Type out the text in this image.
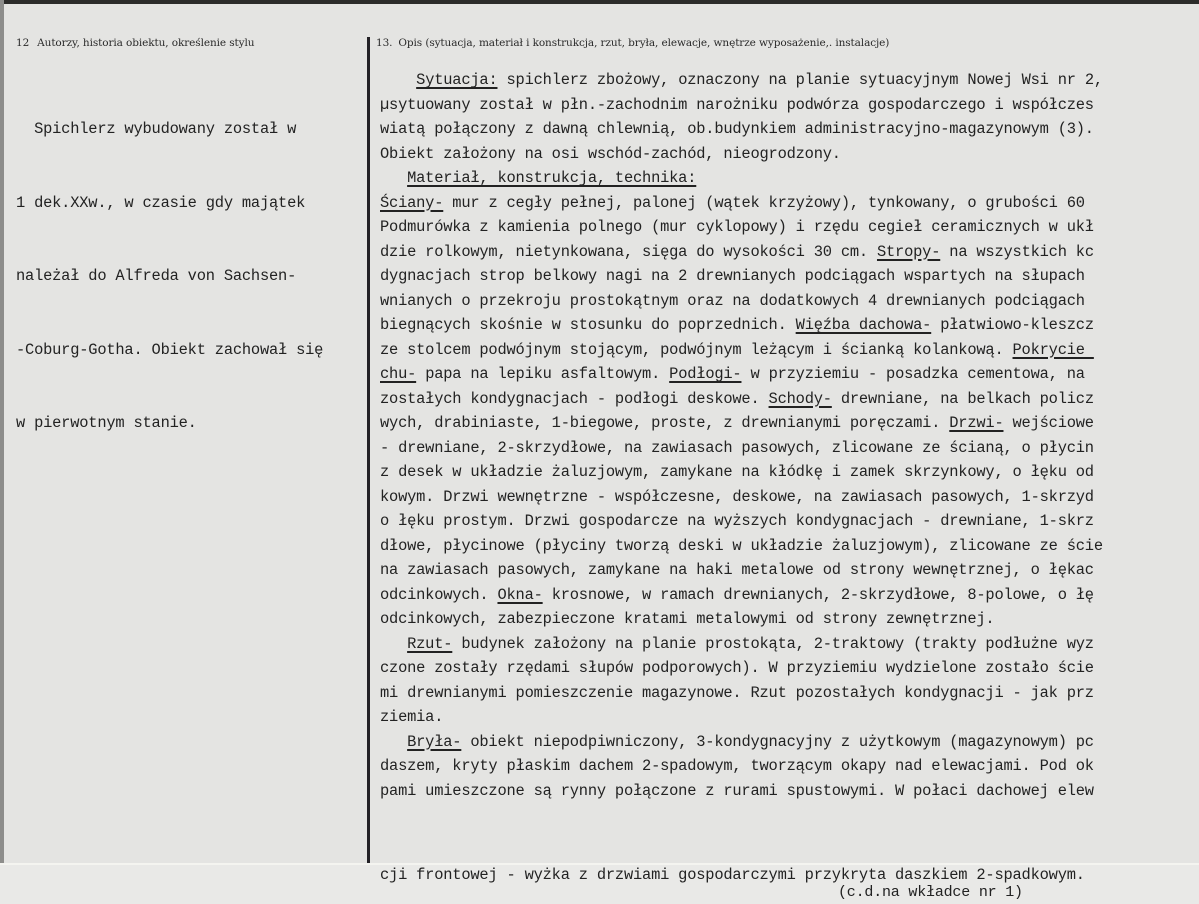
12 Autorzy, historia obiektu, określenie stylu	13. Opis (sytuacja, materiał i konstrukcja, rzut, bryła, elewacje, wnętrze wyposażenie,. instalacje)

Spichlerz wybudowany został w

1 dek.XXw., w czasie gdy majątek

należał do Alfreda von Sachsen-

-Coburg-Gotha. Obiekt zachował się

w pierwotnym stanie.

Sytuacja: spichlerz zbożowy, oznaczony na planie sytuacyjnym Nowej Wsi nr 2,
µsytuowany został w płn.-zachodnim narożniku podwórza gospodarczego i współczes
wiatą połączony z dawną chlewnią, ob.budynkiem administracyjno-magazynowym (3).
Obiekt założony na osi wschód-zachód, nieogrodzony.
Materiał, konstrukcja, technika:
Ściany- mur z cegły pełnej, palonej (wątek krzyżowy), tynkowany, o grubości 60
Podmurówka z kamienia polnego (mur cyklopowy) i rzędu cegieł ceramicznych w ukł
dzie rolkowym, nietynkowana, sięga do wysokości 30 cm. Stropy- na wszystkich kc
dygnacjach strop belkowy nagi na 2 drewnianych podciągach wspartych na słupach
wnianych o przekroju prostokątnym oraz na dodatkowych 4 drewnianych podciągach
biegnących skośnie w stosunku do poprzednich. Więźba dachowa- płatwiowo-kleszcz
ze stolcem podwójnym stojącym, podwójnym leżącym i ścianką kolankową. Pokrycie
chu- papa na lepiku asfaltowym. Podłogi- w przyziemiu - posadzka cementowa, na
zostałych kondygnacjach - podłogi deskowe. Schody- drewniane, na belkach policz
wych, drabiniaste, 1-biegowe, proste, z drewnianymi poręczami. Drzwi- wejściowe
- drewniane, 2-skrzydłowe, na zawiasach pasowych, zlicowane ze ścianą, o płycin
z desek w układzie żaluzjowym, zamykane na kłódkę i zamek skrzynkowy, o łęku od
kowym. Drzwi wewnętrzne - współczesne, deskowe, na zawiasach pasowych, 1-skrzyd
o łęku prostym. Drzwi gospodarcze na wyższych kondygnacjach - drewniane, 1-skrz
dłowe, płycinowe (płyciny tworzą deski w układzie żaluzjowym), zlicowane ze ście
na zawiasach pasowych, zamykane na haki metalowe od strony wewnętrznej, o łękac
odcinkowych. Okna- krosnowe, w ramach drewnianych, 2-skrzydłowe, 8-polowe, o łę
odcinkowych, zabezpieczone kratami metalowymi od strony zewnętrznej.
Rzut- budynek założony na planie prostokąta, 2-traktowy (trakty podłużne wyz
czone zostały rzędami słupów podporowych). W przyziemiu wydzielone zostało ście
mi drewnianymi pomieszczenie magazynowe. Rzut pozostałych kondygnacji - jak prz
ziemia.
Bryła- obiekt niepodpiwniczony, 3-kondygnacyjny z użytkowym (magazynowym) pc
daszem, kryty płaskim dachem 2-spadowym, tworzącym okapy nad elewacjami. Pod ok
pami umieszczone są rynny połączone z rurami spustowymi. W połaci dachowej elew
cji frontowej - wyżka z drzwiami gospodarczymi przykryta daszkiem 2-spadkowym.
(c.d.na wkładce nr 1)
